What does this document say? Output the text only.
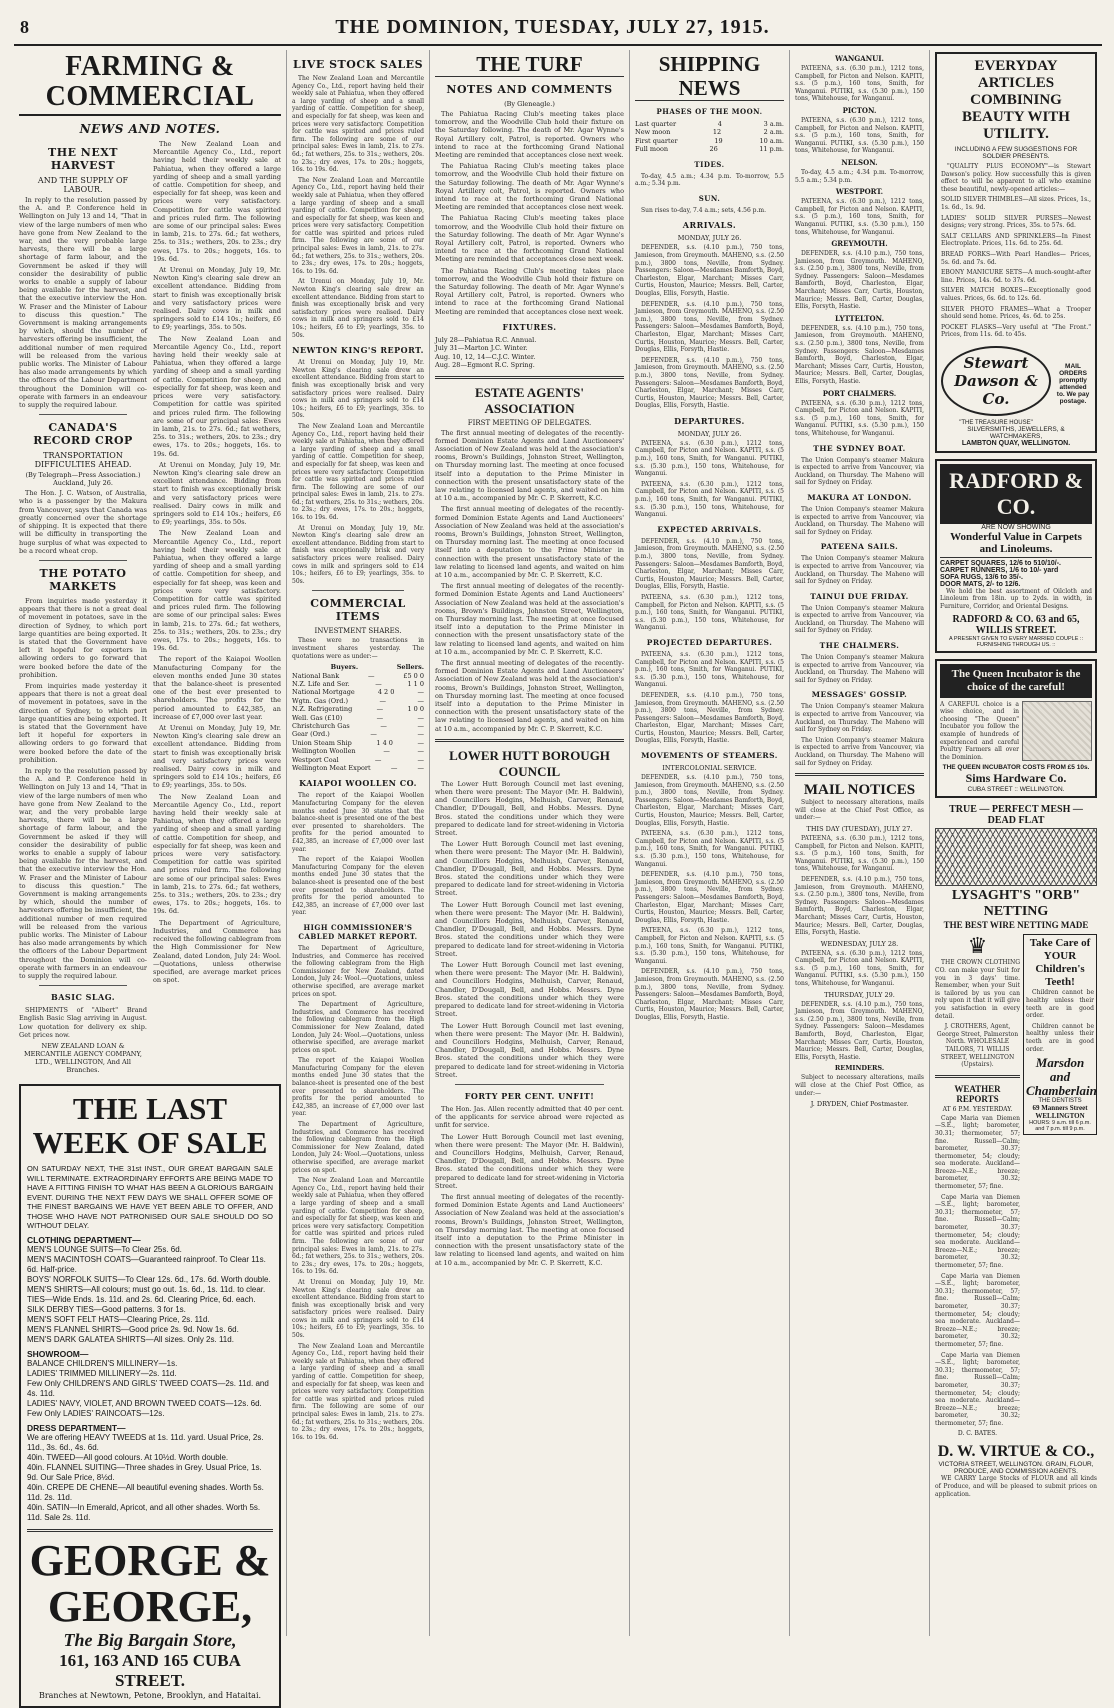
8	THE DOMINION, TUESDAY, JULY 27, 1915.
FARMING & COMMERCIAL
NEWS AND NOTES.
THE NEXT HARVEST
AND THE SUPPLY OF LABOUR.

In reply to the resolution passed by the A. and P. Conference held in Wellington on July 13 and 14, "That in view of the large numbers of men who have gone from New Zealand to the war, and the very probable large harvests, there will be a large shortage of farm labour, and the Government be asked if they will consider the desirability of public works to enable a supply of labour being available for the harvest, and that the executive interview the Hon. W. Fraser and the Minister of Labour to discuss this question." The Government is making arrangements by which, should the number of harvesters offering be insufficient, the additional number of men required will be released from the various public works. The Minister of Labour has also made arrangements by which the officers of the Labour Department throughout the Dominion will co-operate with farmers in an endeavour to supply the required labour.

CANADA'S RECORD CROP
TRANSPORTATION DIFFICULTIES AHEAD.
(By Telegraph—Press Association.) Auckland, July 26.

The Hon. J. C. Watson, of Australia, who is a passenger by the Makura from Vancouver, says that Canada was greatly concerned over the shortage of shipping. It is expected that there will be difficulty in transporting the huge surplus of what was expected to be a record wheat crop.

THE POTATO MARKETS

From inquiries made yesterday it appears that there is not a great deal of movement in potatoes, save in the direction of Sydney, to which port large quantities are being exported. It is stated that the Government have left it hopeful for exporters in allowing orders to go forward that were booked before the date of the prohibition.

From inquiries made yesterday it appears that there is not a great deal of movement in potatoes, save in the direction of Sydney, to which port large quantities are being exported. It is stated that the Government have left it hopeful for exporters in allowing orders to go forward that were booked before the date of the prohibition.

In reply to the resolution passed by the A. and P. Conference held in Wellington on July 13 and 14, "That in view of the large numbers of men who have gone from New Zealand to the war, and the very probable large harvests, there will be a large shortage of farm labour, and the Government be asked if they will consider the desirability of public works to enable a supply of labour being available for the harvest, and that the executive interview the Hon. W. Fraser and the Minister of Labour to discuss this question." The Government is making arrangements by which, should the number of harvesters offering be insufficient, the additional number of men required will be released from the various public works. The Minister of Labour has also made arrangements by which the officers of the Labour Department throughout the Dominion will co-operate with farmers in an endeavour to supply the required labour.

BASIC SLAG.

SHIPMENTS of "Albert" Brand English Basic Slag arriving in August. Low quotation for delivery ex ship. Get prices now.

NEW ZEALAND LOAN & MERCANTILE AGENCY COMPANY, LTD., WELLINGTON, And All Branches.

The New Zealand Loan and Mercantile Agency Co., Ltd., report having held their weekly sale at Pahiatua, when they offered a large yarding of sheep and a small yarding of cattle. Competition for sheep, and especially for fat sheep, was keen and prices were very satisfactory. Competition for cattle was spirited and prices ruled firm. The following are some of our principal sales: Ewes in lamb, 21s. to 27s. 6d.; fat wethers, 25s. to 31s.; wethers, 20s. to 23s.; dry ewes, 17s. to 20s.; hoggets, 16s. to 19s. 6d.

At Urenui on Monday, July 19, Mr. Newton King's clearing sale drew an excellent attendance. Bidding from start to finish was exceptionally brisk and very satisfactory prices were realised. Dairy cows in milk and springers sold to £14 10s.; heifers, £6 to £9; yearlings, 35s. to 50s.

The New Zealand Loan and Mercantile Agency Co., Ltd., report having held their weekly sale at Pahiatua, when they offered a large yarding of sheep and a small yarding of cattle. Competition for sheep, and especially for fat sheep, was keen and prices were very satisfactory. Competition for cattle was spirited and prices ruled firm. The following are some of our principal sales: Ewes in lamb, 21s. to 27s. 6d.; fat wethers, 25s. to 31s.; wethers, 20s. to 23s.; dry ewes, 17s. to 20s.; hoggets, 16s. to 19s. 6d.

At Urenui on Monday, July 19, Mr. Newton King's clearing sale drew an excellent attendance. Bidding from start to finish was exceptionally brisk and very satisfactory prices were realised. Dairy cows in milk and springers sold to £14 10s.; heifers, £6 to £9; yearlings, 35s. to 50s.

The New Zealand Loan and Mercantile Agency Co., Ltd., report having held their weekly sale at Pahiatua, when they offered a large yarding of sheep and a small yarding of cattle. Competition for sheep, and especially for fat sheep, was keen and prices were very satisfactory. Competition for cattle was spirited and prices ruled firm. The following are some of our principal sales: Ewes in lamb, 21s. to 27s. 6d.; fat wethers, 25s. to 31s.; wethers, 20s. to 23s.; dry ewes, 17s. to 20s.; hoggets, 16s. to 19s. 6d.

The report of the Kaiapoi Woollen Manufacturing Company for the eleven months ended June 30 states that the balance-sheet is presented one of the best ever presented to shareholders. The profits for the period amounted to £42,385, an increase of £7,000 over last year.

At Urenui on Monday, July 19, Mr. Newton King's clearing sale drew an excellent attendance. Bidding from start to finish was exceptionally brisk and very satisfactory prices were realised. Dairy cows in milk and springers sold to £14 10s.; heifers, £6 to £9; yearlings, 35s. to 50s.

The New Zealand Loan and Mercantile Agency Co., Ltd., report having held their weekly sale at Pahiatua, when they offered a large yarding of sheep and a small yarding of cattle. Competition for sheep, and especially for fat sheep, was keen and prices were very satisfactory. Competition for cattle was spirited and prices ruled firm. The following are some of our principal sales: Ewes in lamb, 21s. to 27s. 6d.; fat wethers, 25s. to 31s.; wethers, 20s. to 23s.; dry ewes, 17s. to 20s.; hoggets, 16s. to 19s. 6d.

The Department of Agriculture, Industries, and Commerce has received the following cablegram from the High Commissioner for New Zealand, dated London, July 24: Wool.—Quotations, unless otherwise specified, are average market prices on spot.

THE LAST WEEK OF SALE
ON SATURDAY NEXT, THE 31st INST., OUR GREAT BARGAIN SALE WILL TERMINATE. EXTRAORDINARY EFFORTS ARE BEING MADE TO HAVE A FITTING FINISH TO WHAT HAS BEEN A GLORIOUS BARGAIN EVENT. DURING THE NEXT FEW DAYS WE SHALL OFFER SOME OF THE FINEST BARGAINS WE HAVE YET BEEN ABLE TO OFFER, AND THOSE WHO HAVE NOT PATRONISED OUR SALE SHOULD DO SO WITHOUT DELAY.
CLOTHING DEPARTMENT—
MEN'S LOUNGE SUITS—To Clear 25s. 6d.
MEN'S MACINTOSH COATS—Guaranteed rainproof. To Clear 11s. 6d. Half-price.
BOYS' NORFOLK SUITS—To Clear 12s. 6d., 17s. 6d. Worth double.
MEN'S SHIRTS—All colours; must go out. 1s. 6d., 1s. 11d. to clear.
TIES—Wide Ends. 1s. 11d. and 2s. 6d. Clearing Price, 6d. each.
SILK DERBY TIES—Good patterns. 3 for 1s.
MEN'S SOFT FELT HATS—Clearing Price, 2s. 11d.
MEN'S FLANNEL SHIRTS—Good price 2s. 9d. Now 1s. 6d.
MEN'S DARK GALATEA SHIRTS—All sizes. Only 2s. 11d.
SHOWROOM—
BALANCE CHILDREN'S MILLINERY—1s.
LADIES' TRIMMED MILLINERY—2s. 11d.
Few Only CHILDREN'S AND GIRLS' TWEED COATS—2s. 11d. and 4s. 11d.
LADIES' NAVY, VIOLET, AND BROWN TWEED COATS—12s. 6d.
Few Only LADIES' RAINCOATS—12s.
DRESS DEPARTMENT—
We are offering HEAVY TWEEDS at 1s. 11d. yard. Usual Price, 2s. 11d., 3s. 6d., 4s. 6d.
40in. TWEED—All good colours. At 10½d. Worth double.
40in. FLANNEL SUITING—Three shades in Grey. Usual Price, 1s. 9d. Our Sale Price, 8½d.
40in. CREPE DE CHENE—All beautiful evening shades. Worth 5s. 11d. 2s. 11d.
40in. SATIN—In Emerald, Apricot, and all other shades. Worth 5s. 11d. Sale 2s. 11d.
GEORGE & GEORGE,
The Big Bargain Store,
161, 163 AND 165 CUBA STREET.
Branches at Newtown, Petone, Brooklyn, and Hataitai.
LIVE STOCK SALES

The New Zealand Loan and Mercantile Agency Co., Ltd., report having held their weekly sale at Pahiatua, when they offered a large yarding of sheep and a small yarding of cattle. Competition for sheep, and especially for fat sheep, was keen and prices were very satisfactory. Competition for cattle was spirited and prices ruled firm. The following are some of our principal sales: Ewes in lamb, 21s. to 27s. 6d.; fat wethers, 25s. to 31s.; wethers, 20s. to 23s.; dry ewes, 17s. to 20s.; hoggets, 16s. to 19s. 6d.

The New Zealand Loan and Mercantile Agency Co., Ltd., report having held their weekly sale at Pahiatua, when they offered a large yarding of sheep and a small yarding of cattle. Competition for sheep, and especially for fat sheep, was keen and prices were very satisfactory. Competition for cattle was spirited and prices ruled firm. The following are some of our principal sales: Ewes in lamb, 21s. to 27s. 6d.; fat wethers, 25s. to 31s.; wethers, 20s. to 23s.; dry ewes, 17s. to 20s.; hoggets, 16s. to 19s. 6d.

At Urenui on Monday, July 19, Mr. Newton King's clearing sale drew an excellent attendance. Bidding from start to finish was exceptionally brisk and very satisfactory prices were realised. Dairy cows in milk and springers sold to £14 10s.; heifers, £6 to £9; yearlings, 35s. to 50s.

NEWTON KING'S REPORT.

At Urenui on Monday, July 19, Mr. Newton King's clearing sale drew an excellent attendance. Bidding from start to finish was exceptionally brisk and very satisfactory prices were realised. Dairy cows in milk and springers sold to £14 10s.; heifers, £6 to £9; yearlings, 35s. to 50s.

The New Zealand Loan and Mercantile Agency Co., Ltd., report having held their weekly sale at Pahiatua, when they offered a large yarding of sheep and a small yarding of cattle. Competition for sheep, and especially for fat sheep, was keen and prices were very satisfactory. Competition for cattle was spirited and prices ruled firm. The following are some of our principal sales: Ewes in lamb, 21s. to 27s. 6d.; fat wethers, 25s. to 31s.; wethers, 20s. to 23s.; dry ewes, 17s. to 20s.; hoggets, 16s. to 19s. 6d.

At Urenui on Monday, July 19, Mr. Newton King's clearing sale drew an excellent attendance. Bidding from start to finish was exceptionally brisk and very satisfactory prices were realised. Dairy cows in milk and springers sold to £14 10s.; heifers, £6 to £9; yearlings, 35s. to 50s.

COMMERCIAL ITEMS
INVESTMENT SHARES.

These were no transactions in investment shares yesterday. The quotations were as under:—

Buyers.	Sellers.
National Bank	—	£5 0 0
N.Z. Life and Ser.	—	1 1 0
National Mortgage	4 2 0	—
Wgtn. Gas (Ord.)	—	—
N.Z. Refrigerating	—	1 0 0
Well. Gas (£10)	—	—
Christchurch Gas	—	—
Gear (Ord.)	—	—
Union Steam Ship	1 4 0	—
Wellington Woollen	—	—
Westport Coal	—	—
Wellington Meat Export	—	—
KAIAPOI WOOLLEN CO.

The report of the Kaiapoi Woollen Manufacturing Company for the eleven months ended June 30 states that the balance-sheet is presented one of the best ever presented to shareholders. The profits for the period amounted to £42,385, an increase of £7,000 over last year.

The report of the Kaiapoi Woollen Manufacturing Company for the eleven months ended June 30 states that the balance-sheet is presented one of the best ever presented to shareholders. The profits for the period amounted to £42,385, an increase of £7,000 over last year.

HIGH COMMISSIONER'S CABLED MARKET REPORT.

The Department of Agriculture, Industries, and Commerce has received the following cablegram from the High Commissioner for New Zealand, dated London, July 24: Wool.—Quotations, unless otherwise specified, are average market prices on spot.

The Department of Agriculture, Industries, and Commerce has received the following cablegram from the High Commissioner for New Zealand, dated London, July 24: Wool.—Quotations, unless otherwise specified, are average market prices on spot.

The report of the Kaiapoi Woollen Manufacturing Company for the eleven months ended June 30 states that the balance-sheet is presented one of the best ever presented to shareholders. The profits for the period amounted to £42,385, an increase of £7,000 over last year.

The Department of Agriculture, Industries, and Commerce has received the following cablegram from the High Commissioner for New Zealand, dated London, July 24: Wool.—Quotations, unless otherwise specified, are average market prices on spot.

The New Zealand Loan and Mercantile Agency Co., Ltd., report having held their weekly sale at Pahiatua, when they offered a large yarding of sheep and a small yarding of cattle. Competition for sheep, and especially for fat sheep, was keen and prices were very satisfactory. Competition for cattle was spirited and prices ruled firm. The following are some of our principal sales: Ewes in lamb, 21s. to 27s. 6d.; fat wethers, 25s. to 31s.; wethers, 20s. to 23s.; dry ewes, 17s. to 20s.; hoggets, 16s. to 19s. 6d.

At Urenui on Monday, July 19, Mr. Newton King's clearing sale drew an excellent attendance. Bidding from start to finish was exceptionally brisk and very satisfactory prices were realised. Dairy cows in milk and springers sold to £14 10s.; heifers, £6 to £9; yearlings, 35s. to 50s.

The New Zealand Loan and Mercantile Agency Co., Ltd., report having held their weekly sale at Pahiatua, when they offered a large yarding of sheep and a small yarding of cattle. Competition for sheep, and especially for fat sheep, was keen and prices were very satisfactory. Competition for cattle was spirited and prices ruled firm. The following are some of our principal sales: Ewes in lamb, 21s. to 27s. 6d.; fat wethers, 25s. to 31s.; wethers, 20s. to 23s.; dry ewes, 17s. to 20s.; hoggets, 16s. to 19s. 6d.

THE TURF
NOTES AND COMMENTS
(By Gleneagle.)

The Pahiatua Racing Club's meeting takes place tomorrow, and the Woodville Club hold their fixture on the Saturday following. The death of Mr. Agar Wynne's Royal Artillery colt, Patrol, is reported. Owners who intend to race at the forthcoming Grand National Meeting are reminded that acceptances close next week.

The Pahiatua Racing Club's meeting takes place tomorrow, and the Woodville Club hold their fixture on the Saturday following. The death of Mr. Agar Wynne's Royal Artillery colt, Patrol, is reported. Owners who intend to race at the forthcoming Grand National Meeting are reminded that acceptances close next week.

The Pahiatua Racing Club's meeting takes place tomorrow, and the Woodville Club hold their fixture on the Saturday following. The death of Mr. Agar Wynne's Royal Artillery colt, Patrol, is reported. Owners who intend to race at the forthcoming Grand National Meeting are reminded that acceptances close next week.

The Pahiatua Racing Club's meeting takes place tomorrow, and the Woodville Club hold their fixture on the Saturday following. The death of Mr. Agar Wynne's Royal Artillery colt, Patrol, is reported. Owners who intend to race at the forthcoming Grand National Meeting are reminded that acceptances close next week.

FIXTURES.
July 28—Pahiatua R.C. Annual.
July 31—Marton J.C. Winter.
Aug. 10, 12, 14—C.J.C. Winter.
Aug. 28—Egmont R.C. Spring.
ESTATE AGENTS' ASSOCIATION
FIRST MEETING OF DELEGATES.

The first annual meeting of delegates of the recently-formed Dominion Estate Agents and Land Auctioneers' Association of New Zealand was held at the association's rooms, Brown's Buildings, Johnston Street, Wellington, on Thursday morning last. The meeting at once focused itself into a deputation to the Prime Minister in connection with the present unsatisfactory state of the law relating to licensed land agents, and waited on him at 10 a.m., accompanied by Mr. C. P. Skerrett, K.C.

The first annual meeting of delegates of the recently-formed Dominion Estate Agents and Land Auctioneers' Association of New Zealand was held at the association's rooms, Brown's Buildings, Johnston Street, Wellington, on Thursday morning last. The meeting at once focused itself into a deputation to the Prime Minister in connection with the present unsatisfactory state of the law relating to licensed land agents, and waited on him at 10 a.m., accompanied by Mr. C. P. Skerrett, K.C.

The first annual meeting of delegates of the recently-formed Dominion Estate Agents and Land Auctioneers' Association of New Zealand was held at the association's rooms, Brown's Buildings, Johnston Street, Wellington, on Thursday morning last. The meeting at once focused itself into a deputation to the Prime Minister in connection with the present unsatisfactory state of the law relating to licensed land agents, and waited on him at 10 a.m., accompanied by Mr. C. P. Skerrett, K.C.

The first annual meeting of delegates of the recently-formed Dominion Estate Agents and Land Auctioneers' Association of New Zealand was held at the association's rooms, Brown's Buildings, Johnston Street, Wellington, on Thursday morning last. The meeting at once focused itself into a deputation to the Prime Minister in connection with the present unsatisfactory state of the law relating to licensed land agents, and waited on him at 10 a.m., accompanied by Mr. C. P. Skerrett, K.C.

LOWER HUTT BOROUGH COUNCIL

The Lower Hutt Borough Council met last evening, when there were present: The Mayor (Mr. H. Baldwin), and Councillors Hodgins, Melhuish, Carver, Renaud, Chandler, D'Dougall, Bell, and Hobbs. Messrs. Dyne Bros. stated the conditions under which they were prepared to dedicate land for street-widening in Victoria Street.

The Lower Hutt Borough Council met last evening, when there were present: The Mayor (Mr. H. Baldwin), and Councillors Hodgins, Melhuish, Carver, Renaud, Chandler, D'Dougall, Bell, and Hobbs. Messrs. Dyne Bros. stated the conditions under which they were prepared to dedicate land for street-widening in Victoria Street.

The Lower Hutt Borough Council met last evening, when there were present: The Mayor (Mr. H. Baldwin), and Councillors Hodgins, Melhuish, Carver, Renaud, Chandler, D'Dougall, Bell, and Hobbs. Messrs. Dyne Bros. stated the conditions under which they were prepared to dedicate land for street-widening in Victoria Street.

The Lower Hutt Borough Council met last evening, when there were present: The Mayor (Mr. H. Baldwin), and Councillors Hodgins, Melhuish, Carver, Renaud, Chandler, D'Dougall, Bell, and Hobbs. Messrs. Dyne Bros. stated the conditions under which they were prepared to dedicate land for street-widening in Victoria Street.

The Lower Hutt Borough Council met last evening, when there were present: The Mayor (Mr. H. Baldwin), and Councillors Hodgins, Melhuish, Carver, Renaud, Chandler, D'Dougall, Bell, and Hobbs. Messrs. Dyne Bros. stated the conditions under which they were prepared to dedicate land for street-widening in Victoria Street.

FORTY PER CENT. UNFIT!

The Hon. Jas. Allen recently admitted that 40 per cent. of the applicants for service abroad were rejected as unfit for service.

The Lower Hutt Borough Council met last evening, when there were present: The Mayor (Mr. H. Baldwin), and Councillors Hodgins, Melhuish, Carver, Renaud, Chandler, D'Dougall, Bell, and Hobbs. Messrs. Dyne Bros. stated the conditions under which they were prepared to dedicate land for street-widening in Victoria Street.

The first annual meeting of delegates of the recently-formed Dominion Estate Agents and Land Auctioneers' Association of New Zealand was held at the association's rooms, Brown's Buildings, Johnston Street, Wellington, on Thursday morning last. The meeting at once focused itself into a deputation to the Prime Minister in connection with the present unsatisfactory state of the law relating to licensed land agents, and waited on him at 10 a.m., accompanied by Mr. C. P. Skerrett, K.C.

SHIPPING NEWS
PHASES OF THE MOON.
Last quarter	4	3 a.m.
New moon	12	2 a.m.
First quarter	19	10 a.m.
Full moon	26	11 p.m.
TIDES.

To-day, 4.5 a.m.; 4.34 p.m. To-morrow, 5.5 a.m.; 5.34 p.m.

SUN.

Sun rises to-day, 7.4 a.m.; sets, 4.56 p.m.

ARRIVALS.
MONDAY, JULY 26.

DEFENDER, s.s. (4.10 p.m.), 750 tons, Jamieson, from Greymouth. MAHENO, s.s. (2.50 p.m.), 3800 tons, Neville, from Sydney. Passengers: Saloon—Mesdames Bamforth, Boyd, Charleston, Elgar, Marchant; Misses Carr, Curtis, Houston, Maurice; Messrs. Bell, Carter, Douglas, Ellis, Forsyth, Hastie.

DEFENDER, s.s. (4.10 p.m.), 750 tons, Jamieson, from Greymouth. MAHENO, s.s. (2.50 p.m.), 3800 tons, Neville, from Sydney. Passengers: Saloon—Mesdames Bamforth, Boyd, Charleston, Elgar, Marchant; Misses Carr, Curtis, Houston, Maurice; Messrs. Bell, Carter, Douglas, Ellis, Forsyth, Hastie.

DEFENDER, s.s. (4.10 p.m.), 750 tons, Jamieson, from Greymouth. MAHENO, s.s. (2.50 p.m.), 3800 tons, Neville, from Sydney. Passengers: Saloon—Mesdames Bamforth, Boyd, Charleston, Elgar, Marchant; Misses Carr, Curtis, Houston, Maurice; Messrs. Bell, Carter, Douglas, Ellis, Forsyth, Hastie.

DEPARTURES.
MONDAY, JULY 26.

PATEENA, s.s. (6.30 p.m.), 1212 tons, Campbell, for Picton and Nelson. KAPITI, s.s. (5 p.m.), 160 tons, Smith, for Wanganui. PUTIKI, s.s. (5.30 p.m.), 150 tons, Whitehouse, for Wanganui.

PATEENA, s.s. (6.30 p.m.), 1212 tons, Campbell, for Picton and Nelson. KAPITI, s.s. (5 p.m.), 160 tons, Smith, for Wanganui. PUTIKI, s.s. (5.30 p.m.), 150 tons, Whitehouse, for Wanganui.

EXPECTED ARRIVALS.

DEFENDER, s.s. (4.10 p.m.), 750 tons, Jamieson, from Greymouth. MAHENO, s.s. (2.50 p.m.), 3800 tons, Neville, from Sydney. Passengers: Saloon—Mesdames Bamforth, Boyd, Charleston, Elgar, Marchant; Misses Carr, Curtis, Houston, Maurice; Messrs. Bell, Carter, Douglas, Ellis, Forsyth, Hastie.

PATEENA, s.s. (6.30 p.m.), 1212 tons, Campbell, for Picton and Nelson. KAPITI, s.s. (5 p.m.), 160 tons, Smith, for Wanganui. PUTIKI, s.s. (5.30 p.m.), 150 tons, Whitehouse, for Wanganui.

PROJECTED DEPARTURES.

PATEENA, s.s. (6.30 p.m.), 1212 tons, Campbell, for Picton and Nelson. KAPITI, s.s. (5 p.m.), 160 tons, Smith, for Wanganui. PUTIKI, s.s. (5.30 p.m.), 150 tons, Whitehouse, for Wanganui.

DEFENDER, s.s. (4.10 p.m.), 750 tons, Jamieson, from Greymouth. MAHENO, s.s. (2.50 p.m.), 3800 tons, Neville, from Sydney. Passengers: Saloon—Mesdames Bamforth, Boyd, Charleston, Elgar, Marchant; Misses Carr, Curtis, Houston, Maurice; Messrs. Bell, Carter, Douglas, Ellis, Forsyth, Hastie.

MOVEMENTS OF STEAMERS.
INTERCOLONIAL SERVICE.

DEFENDER, s.s. (4.10 p.m.), 750 tons, Jamieson, from Greymouth. MAHENO, s.s. (2.50 p.m.), 3800 tons, Neville, from Sydney. Passengers: Saloon—Mesdames Bamforth, Boyd, Charleston, Elgar, Marchant; Misses Carr, Curtis, Houston, Maurice; Messrs. Bell, Carter, Douglas, Ellis, Forsyth, Hastie.

PATEENA, s.s. (6.30 p.m.), 1212 tons, Campbell, for Picton and Nelson. KAPITI, s.s. (5 p.m.), 160 tons, Smith, for Wanganui. PUTIKI, s.s. (5.30 p.m.), 150 tons, Whitehouse, for Wanganui.

DEFENDER, s.s. (4.10 p.m.), 750 tons, Jamieson, from Greymouth. MAHENO, s.s. (2.50 p.m.), 3800 tons, Neville, from Sydney. Passengers: Saloon—Mesdames Bamforth, Boyd, Charleston, Elgar, Marchant; Misses Carr, Curtis, Houston, Maurice; Messrs. Bell, Carter, Douglas, Ellis, Forsyth, Hastie.

PATEENA, s.s. (6.30 p.m.), 1212 tons, Campbell, for Picton and Nelson. KAPITI, s.s. (5 p.m.), 160 tons, Smith, for Wanganui. PUTIKI, s.s. (5.30 p.m.), 150 tons, Whitehouse, for Wanganui.

DEFENDER, s.s. (4.10 p.m.), 750 tons, Jamieson, from Greymouth. MAHENO, s.s. (2.50 p.m.), 3800 tons, Neville, from Sydney. Passengers: Saloon—Mesdames Bamforth, Boyd, Charleston, Elgar, Marchant; Misses Carr, Curtis, Houston, Maurice; Messrs. Bell, Carter, Douglas, Ellis, Forsyth, Hastie.

WANGANUI.

PATEENA, s.s. (6.30 p.m.), 1212 tons, Campbell, for Picton and Nelson. KAPITI, s.s. (5 p.m.), 160 tons, Smith, for Wanganui. PUTIKI, s.s. (5.30 p.m.), 150 tons, Whitehouse, for Wanganui.

PICTON.

PATEENA, s.s. (6.30 p.m.), 1212 tons, Campbell, for Picton and Nelson. KAPITI, s.s. (5 p.m.), 160 tons, Smith, for Wanganui. PUTIKI, s.s. (5.30 p.m.), 150 tons, Whitehouse, for Wanganui.

NELSON.

To-day, 4.5 a.m.; 4.34 p.m. To-morrow, 5.5 a.m.; 5.34 p.m.

WESTPORT.

PATEENA, s.s. (6.30 p.m.), 1212 tons, Campbell, for Picton and Nelson. KAPITI, s.s. (5 p.m.), 160 tons, Smith, for Wanganui. PUTIKI, s.s. (5.30 p.m.), 150 tons, Whitehouse, for Wanganui.

GREYMOUTH.

DEFENDER, s.s. (4.10 p.m.), 750 tons, Jamieson, from Greymouth. MAHENO, s.s. (2.50 p.m.), 3800 tons, Neville, from Sydney. Passengers: Saloon—Mesdames Bamforth, Boyd, Charleston, Elgar, Marchant; Misses Carr, Curtis, Houston, Maurice; Messrs. Bell, Carter, Douglas, Ellis, Forsyth, Hastie.

LYTTELTON.

DEFENDER, s.s. (4.10 p.m.), 750 tons, Jamieson, from Greymouth. MAHENO, s.s. (2.50 p.m.), 3800 tons, Neville, from Sydney. Passengers: Saloon—Mesdames Bamforth, Boyd, Charleston, Elgar, Marchant; Misses Carr, Curtis, Houston, Maurice; Messrs. Bell, Carter, Douglas, Ellis, Forsyth, Hastie.

PORT CHALMERS.

PATEENA, s.s. (6.30 p.m.), 1212 tons, Campbell, for Picton and Nelson. KAPITI, s.s. (5 p.m.), 160 tons, Smith, for Wanganui. PUTIKI, s.s. (5.30 p.m.), 150 tons, Whitehouse, for Wanganui.

THE SYDNEY BOAT.

The Union Company's steamer Makura is expected to arrive from Vancouver, via Auckland, on Thursday. The Maheno will sail for Sydney on Friday.

MAKURA AT LONDON.

The Union Company's steamer Makura is expected to arrive from Vancouver, via Auckland, on Thursday. The Maheno will sail for Sydney on Friday.

PATEENA SAILS.

The Union Company's steamer Makura is expected to arrive from Vancouver, via Auckland, on Thursday. The Maheno will sail for Sydney on Friday.

TAINUI DUE FRIDAY.

The Union Company's steamer Makura is expected to arrive from Vancouver, via Auckland, on Thursday. The Maheno will sail for Sydney on Friday.

THE CHALMERS.

The Union Company's steamer Makura is expected to arrive from Vancouver, via Auckland, on Thursday. The Maheno will sail for Sydney on Friday.

MESSAGES' GOSSIP.

The Union Company's steamer Makura is expected to arrive from Vancouver, via Auckland, on Thursday. The Maheno will sail for Sydney on Friday.

The Union Company's steamer Makura is expected to arrive from Vancouver, via Auckland, on Thursday. The Maheno will sail for Sydney on Friday.

MAIL NOTICES

Subject to necessary alterations, mails will close at the Chief Post Office, as under:—

THIS DAY (TUESDAY), JULY 27.

PATEENA, s.s. (6.30 p.m.), 1212 tons, Campbell, for Picton and Nelson. KAPITI, s.s. (5 p.m.), 160 tons, Smith, for Wanganui. PUTIKI, s.s. (5.30 p.m.), 150 tons, Whitehouse, for Wanganui.

DEFENDER, s.s. (4.10 p.m.), 750 tons, Jamieson, from Greymouth. MAHENO, s.s. (2.50 p.m.), 3800 tons, Neville, from Sydney. Passengers: Saloon—Mesdames Bamforth, Boyd, Charleston, Elgar, Marchant; Misses Carr, Curtis, Houston, Maurice; Messrs. Bell, Carter, Douglas, Ellis, Forsyth, Hastie.

WEDNESDAY, JULY 28.

PATEENA, s.s. (6.30 p.m.), 1212 tons, Campbell, for Picton and Nelson. KAPITI, s.s. (5 p.m.), 160 tons, Smith, for Wanganui. PUTIKI, s.s. (5.30 p.m.), 150 tons, Whitehouse, for Wanganui.

THURSDAY, JULY 29.

DEFENDER, s.s. (4.10 p.m.), 750 tons, Jamieson, from Greymouth. MAHENO, s.s. (2.50 p.m.), 3800 tons, Neville, from Sydney. Passengers: Saloon—Mesdames Bamforth, Boyd, Charleston, Elgar, Marchant; Misses Carr, Curtis, Houston, Maurice; Messrs. Bell, Carter, Douglas, Ellis, Forsyth, Hastie.

REMINDERS.

Subject to necessary alterations, mails will close at the Chief Post Office, as under:—

J. DRYDEN, Chief Postmaster.
EVERYDAY ARTICLES COMBINING BEAUTY WITH UTILITY.
INCLUDING A FEW SUGGESTIONS FOR SOLDIER PRESENTS.

"QUALITY PLUS ECONOMY"—is Stewart Dawson's policy. How successfully this is given effect to will be apparent to all who examine these beautiful, newly-opened articles:—

SOLID SILVER THIMBLES—All sizes. Prices, 1s., 1s. 6d., 1s. 9d.

LADIES' SOLID SILVER PURSES—Newest designs; very strong. Prices, 35s. to 57s. 6d.

SALT CELLARS AND SPRINKLERS—In Finest Electroplate. Prices, 11s. 6d. to 25s. 6d.

BREAD FORKS—With Pearl Handles— Prices, 5s. 6d. and 7s. 6d.

EBONY MANICURE SETS—A much-sought-after line. Prices, 14s. 6d. to 37s. 6d.

SILVER MATCH BOXES—Exceptionally good values. Prices, 6s. 6d. to 12s. 6d.

SILVER PHOTO FRAMES—What a Trooper should send home. Prices, 4s. 6d. to 25s.

POCKET FLASKS—Very useful at "The Front." Prices, from 11s. 6d. to 45s.

Stewart Dawson & Co.
"THE TREASURE HOUSE"
MAIL ORDERS promptly attended to. We pay postage.
SILVERSMITHS, JEWELLERS, & WATCHMAKERS,
LAMBTON QUAY, WELLINGTON.
RADFORD & CO.
ARE NOW SHOWING
Wonderful Value in Carpets and Linoleums.
CARPET SQUARES, 12/6 to 510/10/-.
CARPET RUNNERS, 1/6 to 10/- yard
SOFA RUGS, 13/6 to 35/-.
DOOR MATS, 2/- to 12/6.

We hold the best assortment of Oilcloth and Linoleum from 18in. up to 2yds. in width, in Furniture, Corridor, and Oriental Designs.

RADFORD & CO. 63 and 65, WILLIS STREET.
A PRESENT GIVEN TO EVERY MARRIED COUPLE :: FURNISHING THROUGH US. ::
The Queen Incubator is the choice of the careful!

A CAREFUL choice is a wise choice, and in choosing "The Queen" Incubator you follow the example of hundreds of experienced and careful Poultry Farmers all over the Dominion.

THE QUEEN INCUBATOR COSTS FROM £5 10s.
Sims Hardware Co.
CUBA STREET :: WELLINGTON.
TRUE — PERFECT MESH — DEAD FLAT
LYSAGHT'S "ORB" NETTING
THE BEST WIRE NETTING MADE
♛

THE CROWN CLOTHING CO. can make your Suit for you in 3 days' time. Remember, when your Suit is tailored by us you can rely upon it that it will give you satisfaction in every detail.

J. CROTHERS, Agent, George Street, Palmerston North. WHOLESALE TAILORS, 71 WILLIS STREET, WELLINGTON (Upstairs).

WEATHER REPORTS
AT 6 P.M. YESTERDAY.

Cape Maria van Diemen—S.E., light; barometer, 30.31; thermometer, 57; fine. Russell—Calm; barometer, 30.37; thermometer, 54; cloudy; sea moderate. Auckland—Breeze—N.E.; breeze; barometer, 30.32; thermometer, 57; fine.

Cape Maria van Diemen—S.E., light; barometer, 30.31; thermometer, 57; fine. Russell—Calm; barometer, 30.37; thermometer, 54; cloudy; sea moderate. Auckland—Breeze—N.E.; breeze; barometer, 30.32; thermometer, 57; fine.

Cape Maria van Diemen—S.E., light; barometer, 30.31; thermometer, 57; fine. Russell—Calm; barometer, 30.37; thermometer, 54; cloudy; sea moderate. Auckland—Breeze—N.E.; breeze; barometer, 30.32; thermometer, 57; fine.

Cape Maria van Diemen—S.E., light; barometer, 30.31; thermometer, 57; fine. Russell—Calm; barometer, 30.37; thermometer, 54; cloudy; sea moderate. Auckland—Breeze—N.E.; breeze; barometer, 30.32; thermometer, 57; fine.

D. C. BATES.
Take Care of YOUR Children's Teeth!

Children cannot be healthy unless their teeth are in good order.

Children cannot be healthy unless their teeth are in good order.

Marsdon and Chamberlain
THE DENTISTS
69 Manners Street WELLINGTON
HOURS: 9 a.m. till 6 p.m. and 7 p.m. till 9 p.m.
D. W. VIRTUE & CO.,
VICTORIA STREET, WELLINGTON. GRAIN, FLOUR, PRODUCE, AND COMMISSION AGENTS.

WE CARRY Large Stocks of FLOUR and all kinds of Produce, and will be pleased to submit prices on application.
